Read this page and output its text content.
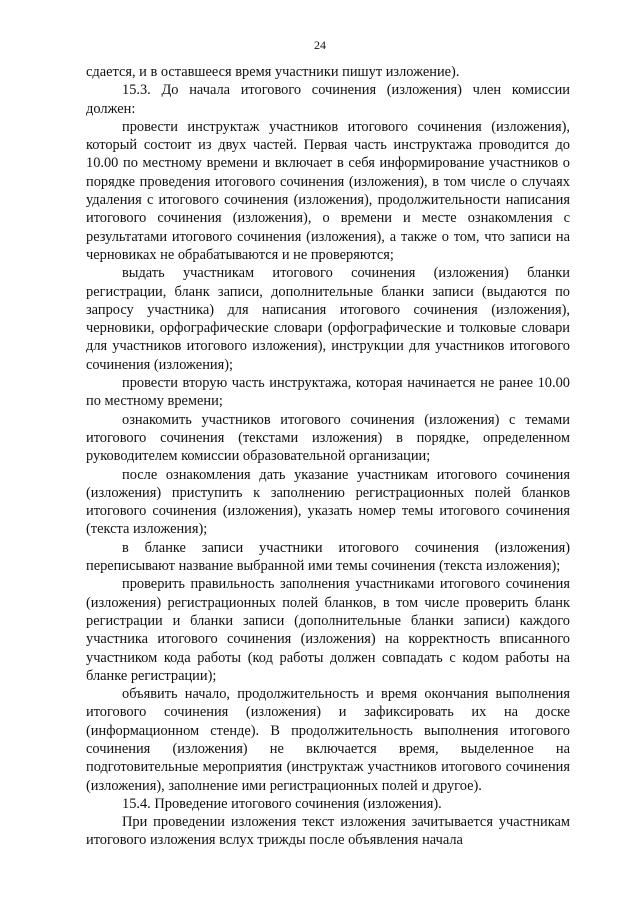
24

сдается, и в оставшееся время участники пишут изложение).

15.3. До начала итогового сочинения (изложения) член комиссии должен:

провести инструктаж участников итогового сочинения (изложения), который состоит из двух частей. Первая часть инструктажа проводится до 10.00 по местному времени и включает в себя информирование участников о порядке проведения итогового сочинения (изложения), в том числе о случаях удаления с итогового сочинения (изложения), продолжительности написания итогового сочинения (изложения), о времени и месте ознакомления с результатами итогового сочинения (изложения), а также о том, что записи на черновиках не обрабатываются и не проверяются;

выдать участникам итогового сочинения (изложения) бланки регистрации, бланк записи, дополнительные бланки записи (выдаются по запросу участника) для написания итогового сочинения (изложения), черновики, орфографические словари (орфографические и толковые словари для участников итогового изложения), инструкции для участников итогового сочинения (изложения);

провести вторую часть инструктажа, которая начинается не ранее 10.00 по местному времени;

ознакомить участников итогового сочинения (изложения) с темами итогового сочинения (текстами изложения) в порядке, определенном руководителем комиссии образовательной организации;

после ознакомления дать указание участникам итогового сочинения (изложения) приступить к заполнению регистрационных полей бланков итогового сочинения (изложения), указать номер темы итогового сочинения (текста изложения);

в бланке записи участники итогового сочинения (изложения) переписывают название выбранной ими темы сочинения (текста изложения);

проверить правильность заполнения участниками итогового сочинения (изложения) регистрационных полей бланков, в том числе проверить бланк регистрации и бланки записи (дополнительные бланки записи) каждого участника итогового сочинения (изложения) на корректность вписанного участником кода работы (код работы должен совпадать с кодом работы на бланке регистрации);

объявить начало, продолжительность и время окончания выполнения итогового сочинения (изложения) и зафиксировать их на доске (информационном стенде). В продолжительность выполнения итогового сочинения (изложения) не включается время, выделенное на подготовительные мероприятия (инструктаж участников итогового сочинения (изложения), заполнение ими регистрационных полей и другое).

15.4. Проведение итогового сочинения (изложения).

При проведении изложения текст изложения зачитывается участникам итогового изложения вслух трижды после объявления начала
